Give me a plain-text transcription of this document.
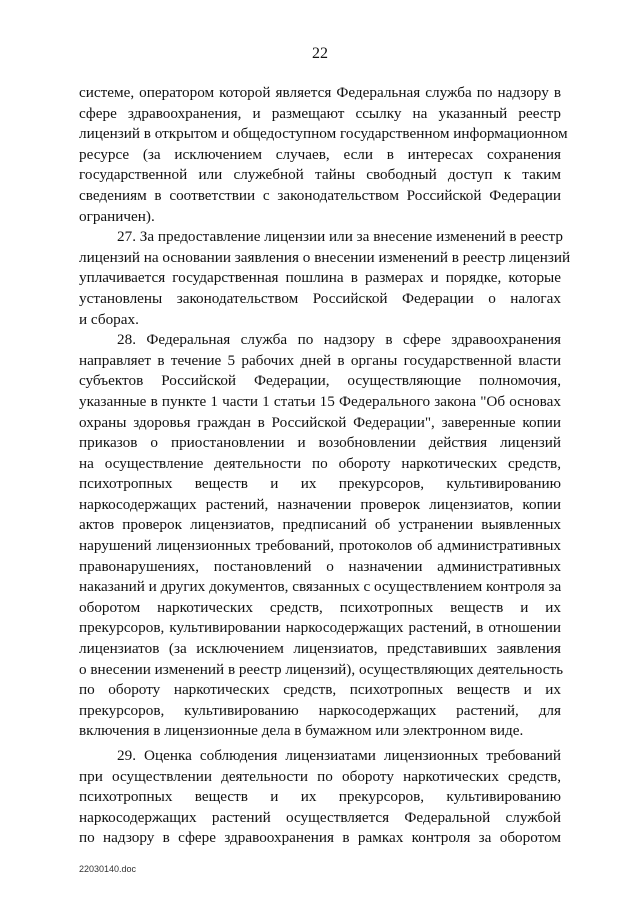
22
системе, оператором которой является Федеральная служба по надзору в
сфере здравоохранения, и размещают ссылку на указанный реестр
лицензий в открытом и общедоступном государственном информационном
ресурсе (за исключением случаев, если в интересах сохранения
государственной или служебной тайны свободный доступ к таким
сведениям в соответствии с законодательством Российской Федерации
ограничен).
27. За предоставление лицензии или за внесение изменений в реестр
лицензий на основании заявления о внесении изменений в реестр лицензий
уплачивается государственная пошлина в размерах и порядке, которые
установлены законодательством Российской Федерации о налогах
и сборах.
28. Федеральная служба по надзору в сфере здравоохранения
направляет в течение 5 рабочих дней в органы государственной власти
субъектов Российской Федерации, осуществляющие полномочия,
указанные в пункте 1 части 1 статьи 15 Федерального закона "Об основах
охраны здоровья граждан в Российской Федерации", заверенные копии
приказов о приостановлении и возобновлении действия лицензий
на осуществление деятельности по обороту наркотических средств,
психотропных веществ и их прекурсоров, культивированию
наркосодержащих растений, назначении проверок лицензиатов, копии
актов проверок лицензиатов, предписаний об устранении выявленных
нарушений лицензионных требований, протоколов об административных
правонарушениях, постановлений о назначении административных
наказаний и других документов, связанных с осуществлением контроля за
оборотом наркотических средств, психотропных веществ и их
прекурсоров, культивировании наркосодержащих растений, в отношении
лицензиатов (за исключением лицензиатов, представивших заявления
о внесении изменений в реестр лицензий), осуществляющих деятельность
по обороту наркотических средств, психотропных веществ и их
прекурсоров, культивированию наркосодержащих растений, для
включения в лицензионные дела в бумажном или электронном виде.
29. Оценка соблюдения лицензиатами лицензионных требований
при осуществлении деятельности по обороту наркотических средств,
психотропных веществ и их прекурсоров, культивированию
наркосодержащих растений осуществляется Федеральной службой
по надзору в сфере здравоохранения в рамках контроля за оборотом
22030140.doc
